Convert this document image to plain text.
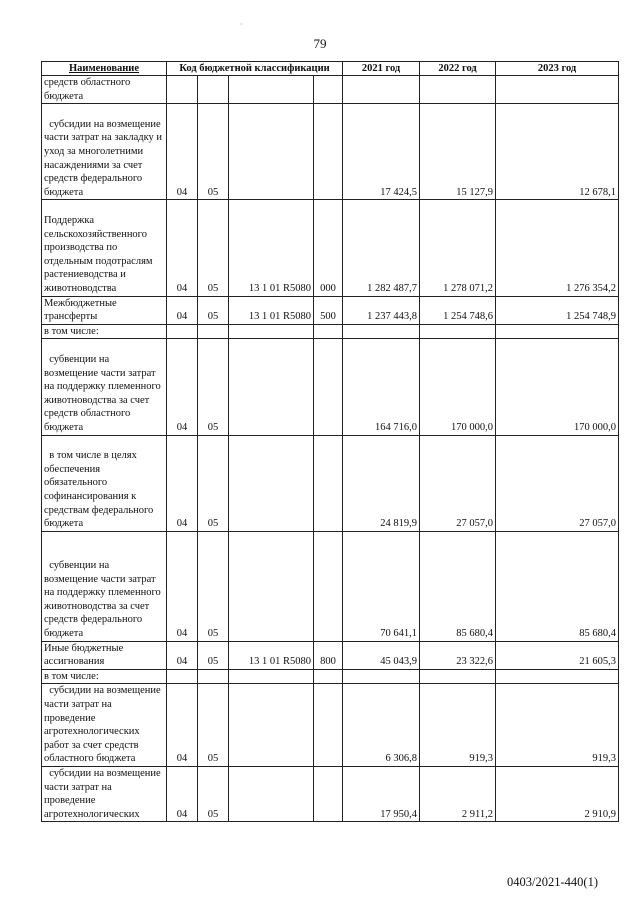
·
79
Наименование	Код бюджетной классификации				2021 год	2022 год	2023 год
средств областного бюджета							
субсидии на возмещение части затрат на закладку и уход за многолетними насаждениями за счет средств федерального бюджета	04	05			17 424,5	15 127,9	12 678,1
Поддержка сельскохозяйственного производства по отдельным подотраслям растениеводства и животноводства	04	05	13 1 01 R5080	000	1 282 487,7	1 278 071,2	1 276 354,2
Межбюджетные трансферты	04	05	13 1 01 R5080	500	1 237 443,8	1 254 748,6	1 254 748,9
в том числе:							
субвенции на возмещение части затрат на поддержку племенного животноводства за счет средств областного бюджета	04	05			164 716,0	170 000,0	170 000,0
в том числе в целях обеспечения обязательного софинансирования к средствам федерального бюджета	04	05			24 819,9	27 057,0	27 057,0
субвенции на возмещение части затрат на поддержку племенного животноводства за счет средств федерального бюджета	04	05			70 641,1	85 680,4	85 680,4
Иные бюджетные ассигнования	04	05	13 1 01 R5080	800	45 043,9	23 322,6	21 605,3
в том числе:							
субсидии на возмещение части затрат на проведение агротехнологических работ за счет средств областного бюджета	04	05			6 306,8	919,3	919,3
субсидии на возмещение части затрат на проведение агротехнологических	04	05			17 950,4	2 911,2	2 910,9
0403/2021-440(1)
